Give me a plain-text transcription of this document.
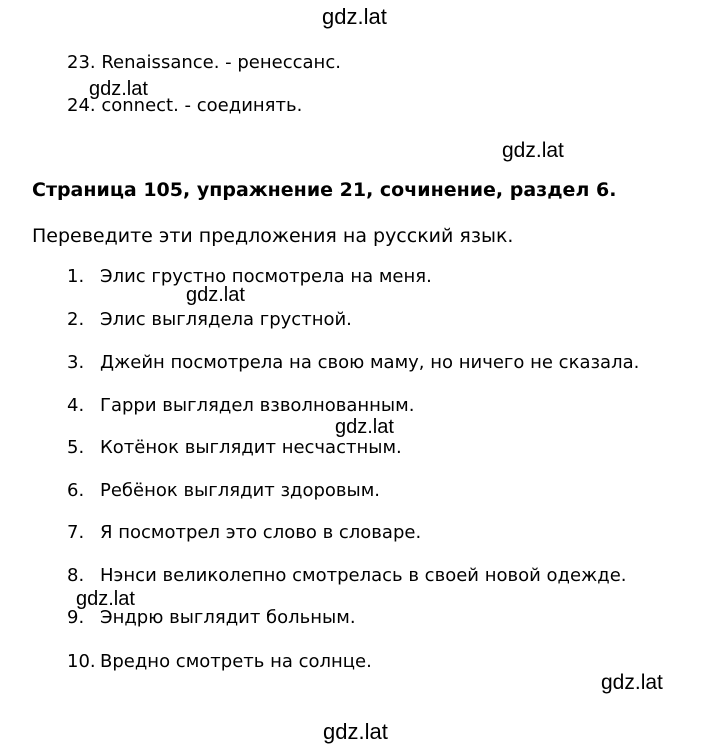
23. Renaissance. - ренессанс.
24. connect. - соединять.
Страница 105, упражнение 21, сочинение, раздел 6.
Переведите эти предложения на русский язык.
1. Элис грустно посмотрела на меня.
2. Элис выглядела грустной.
3. Джейн посмотрела на свою маму, но ничего не сказала.
4. Гарри выглядел взволнованным.
5. Котёнок выглядит несчастным.
6. Ребёнок выглядит здоровым.
7. Я посмотрел это слово в словаре.
8. Нэнси великолепно смотрелась в своей новой одежде.
9. Эндрю выглядит больным.
10. Вредно смотреть на солнце.
gdz.lat
gdz.lat
gdz.lat
gdz.lat
gdz.lat
gdz.lat
gdz.lat
gdz.lat
